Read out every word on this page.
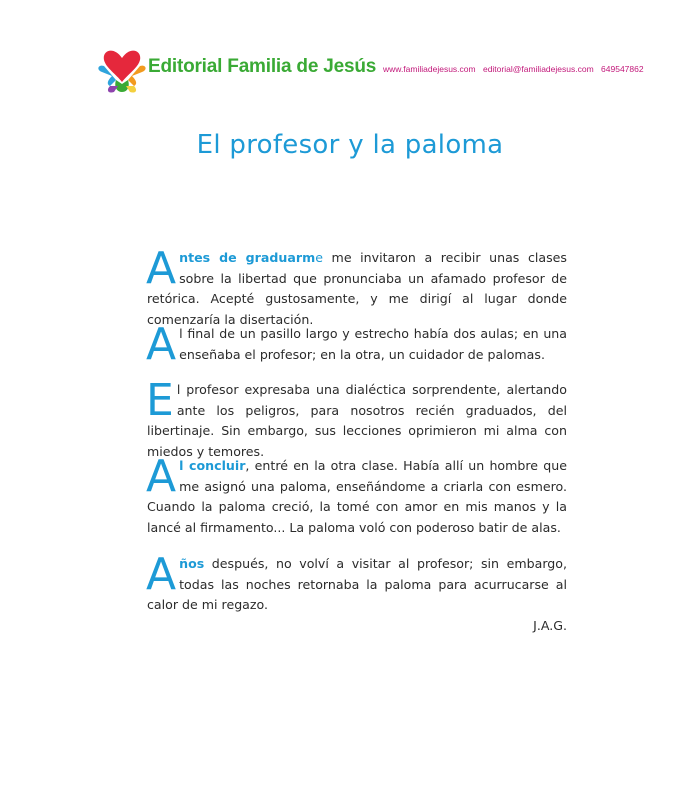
Editorial Familia de Jesús www.familiadejesus.com editorial@familiadejesus.com 649547862
El profesor y la paloma

Antes de graduarme me invitaron a recibir unas clases sobre la libertad que pronunciaba un afamado profesor de retórica. Acepté gustosamente, y me dirigí al lugar donde comenzaría la disertación.

Al final de un pasillo largo y estrecho había dos aulas; en una enseñaba el profesor; en la otra, un cuidador de palomas.

El profesor expresaba una dialéctica sorprendente, alertando ante los peligros, para nosotros recién graduados, del libertinaje. Sin embargo, sus lecciones oprimieron mi alma con miedos y temores.

Al concluir, entré en la otra clase. Había allí un hombre que me asignó una paloma, enseñándome a criarla con esmero. Cuando la paloma creció, la tomé con amor en mis manos y la lancé al firmamento... La paloma voló con poderoso batir de alas.

Años después, no volví a visitar al profesor; sin embargo, todas las noches retornaba la paloma para acurrucarse al calor de mi regazo.

J.A.G.
